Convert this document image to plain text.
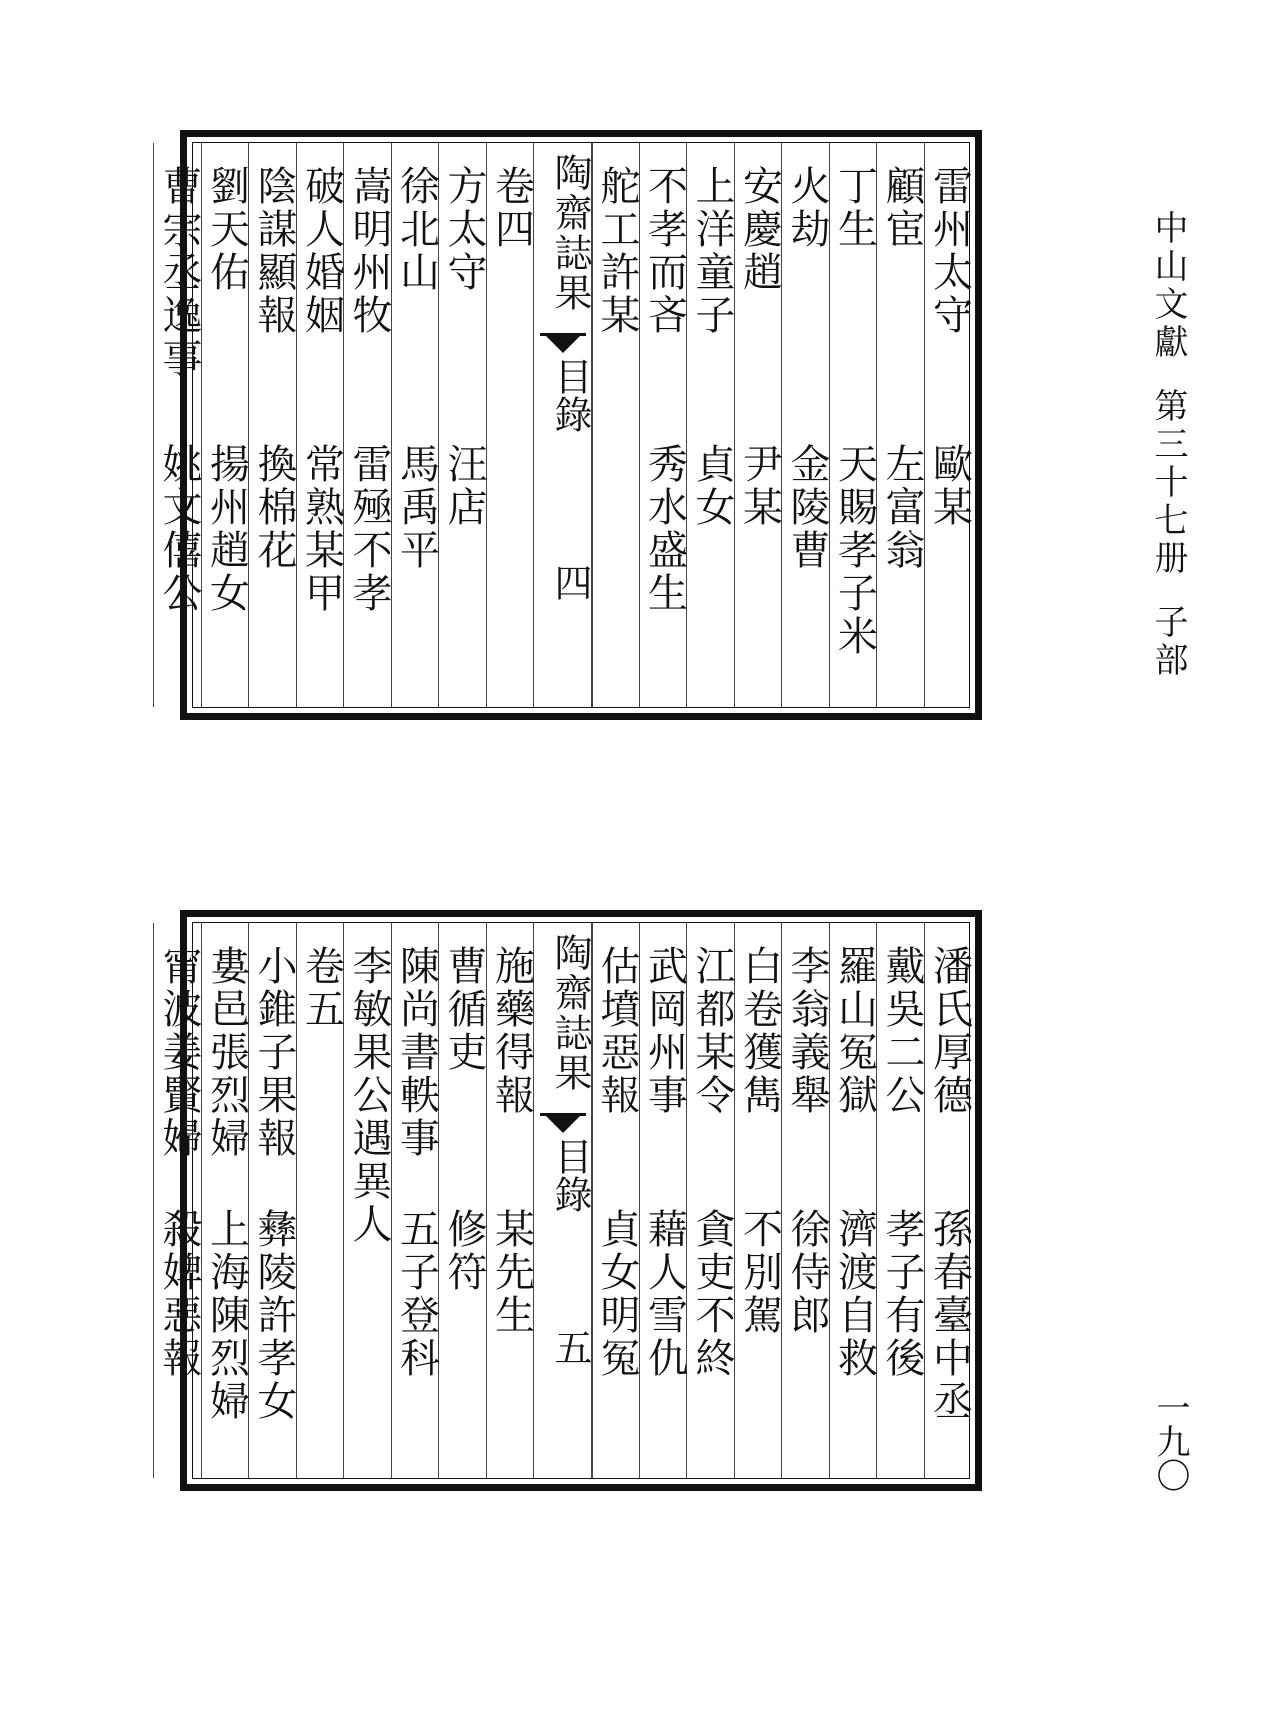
中山文獻第三十七册子部
一九〇
雷州太守
歐某
顧宦
左富翁
丁生
天賜孝子米
火劫
金陵曹
安慶趙
尹某
上洋童子
貞女
不孝而吝
秀水盛生
舵工許某
陶齋誌果
目錄
四
卷四
方太守
汪店
徐北山
馬禹平
嵩明州牧
雷殛不孝
破人婚姻
常熟某甲
陰謀顯報
換棉花
劉天佑
揚州趙女
曹宗丞逸事
姚文僖公
潘氏厚德
孫春臺中丞
戴吳二公
孝子有後
羅山冤獄
濟渡自救
李翁義舉
徐侍郎
白卷獲雋
不別駕
江都某令
貪吏不終
武岡州事
藉人雪仇
估墳惡報
貞女明冤
陶齋誌果
目錄
五
施藥得報
某先生
曹循吏
修符
陳尚書軼事
五子登科
李敏果公遇異人
卷五
小錐子果報
彝陵許孝女
婁邑張烈婦
上海陳烈婦
甯波姜賢婦
殺婢惡報
